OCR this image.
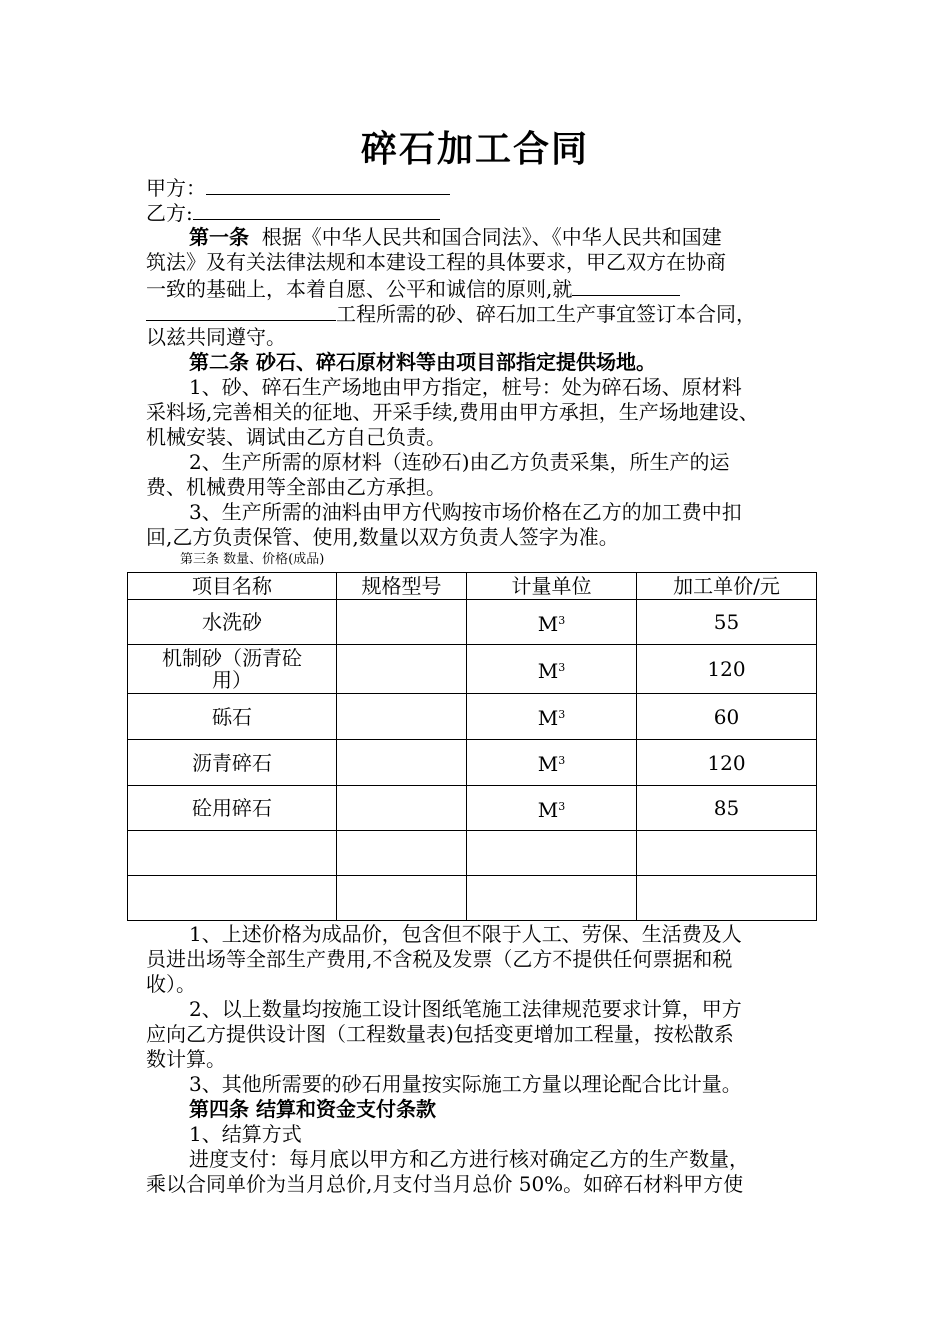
碎石加工合同
甲方：
乙方:
第一条 根据《中华人民共和国合同法》、《中华人民共和国建
筑法》及有关法律法规和本建设工程的具体要求，甲乙双方在协商
一致的基础上，本着自愿、公平和诚信的原则,就
工程所需的砂、碎石加工生产事宜签订本合同，
以兹共同遵守。
第二条 砂石、碎石原材料等由项目部指定提供场地。
1、砂、碎石生产场地由甲方指定，桩号：处为碎石场、原材料
采料场,完善相关的征地、开采手续,费用由甲方承担，生产场地建设、
机械安装、调试由乙方自己负责。
2、生产所需的原材料（连砂石)由乙方负责采集，所生产的运
费、机械费用等全部由乙方承担。
3、生产所需的油料由甲方代购按市场价格在乙方的加工费中扣
回,乙方负责保管、使用,数量以双方负责人签字为准。
第三条 数量、价格(成品)
项目名称	规格型号	计量单位	加工单价/元
水洗砂		$M^3$	55
机制砂（沥青砼用）		$M^3$	120
砾石		$M^3$	60
沥青碎石		$M^3$	120
砼用碎石		$M^3$	85

1、上述价格为成品价，包含但不限于人工、劳保、生活费及人
员进出场等全部生产费用,不含税及发票（乙方不提供任何票据和税
收）。
2、以上数量均按施工设计图纸笔施工法律规范要求计算，甲方
应向乙方提供设计图（工程数量表)包括变更增加工程量，按松散系
数计算。
3、其他所需要的砂石用量按实际施工方量以理论配合比计量。
第四条 结算和资金支付条款
1、结算方式
进度支付：每月底以甲方和乙方进行核对确定乙方的生产数量，
乘以合同单价为当月总价,月支付当月总价 50%。如碎石材料甲方使
